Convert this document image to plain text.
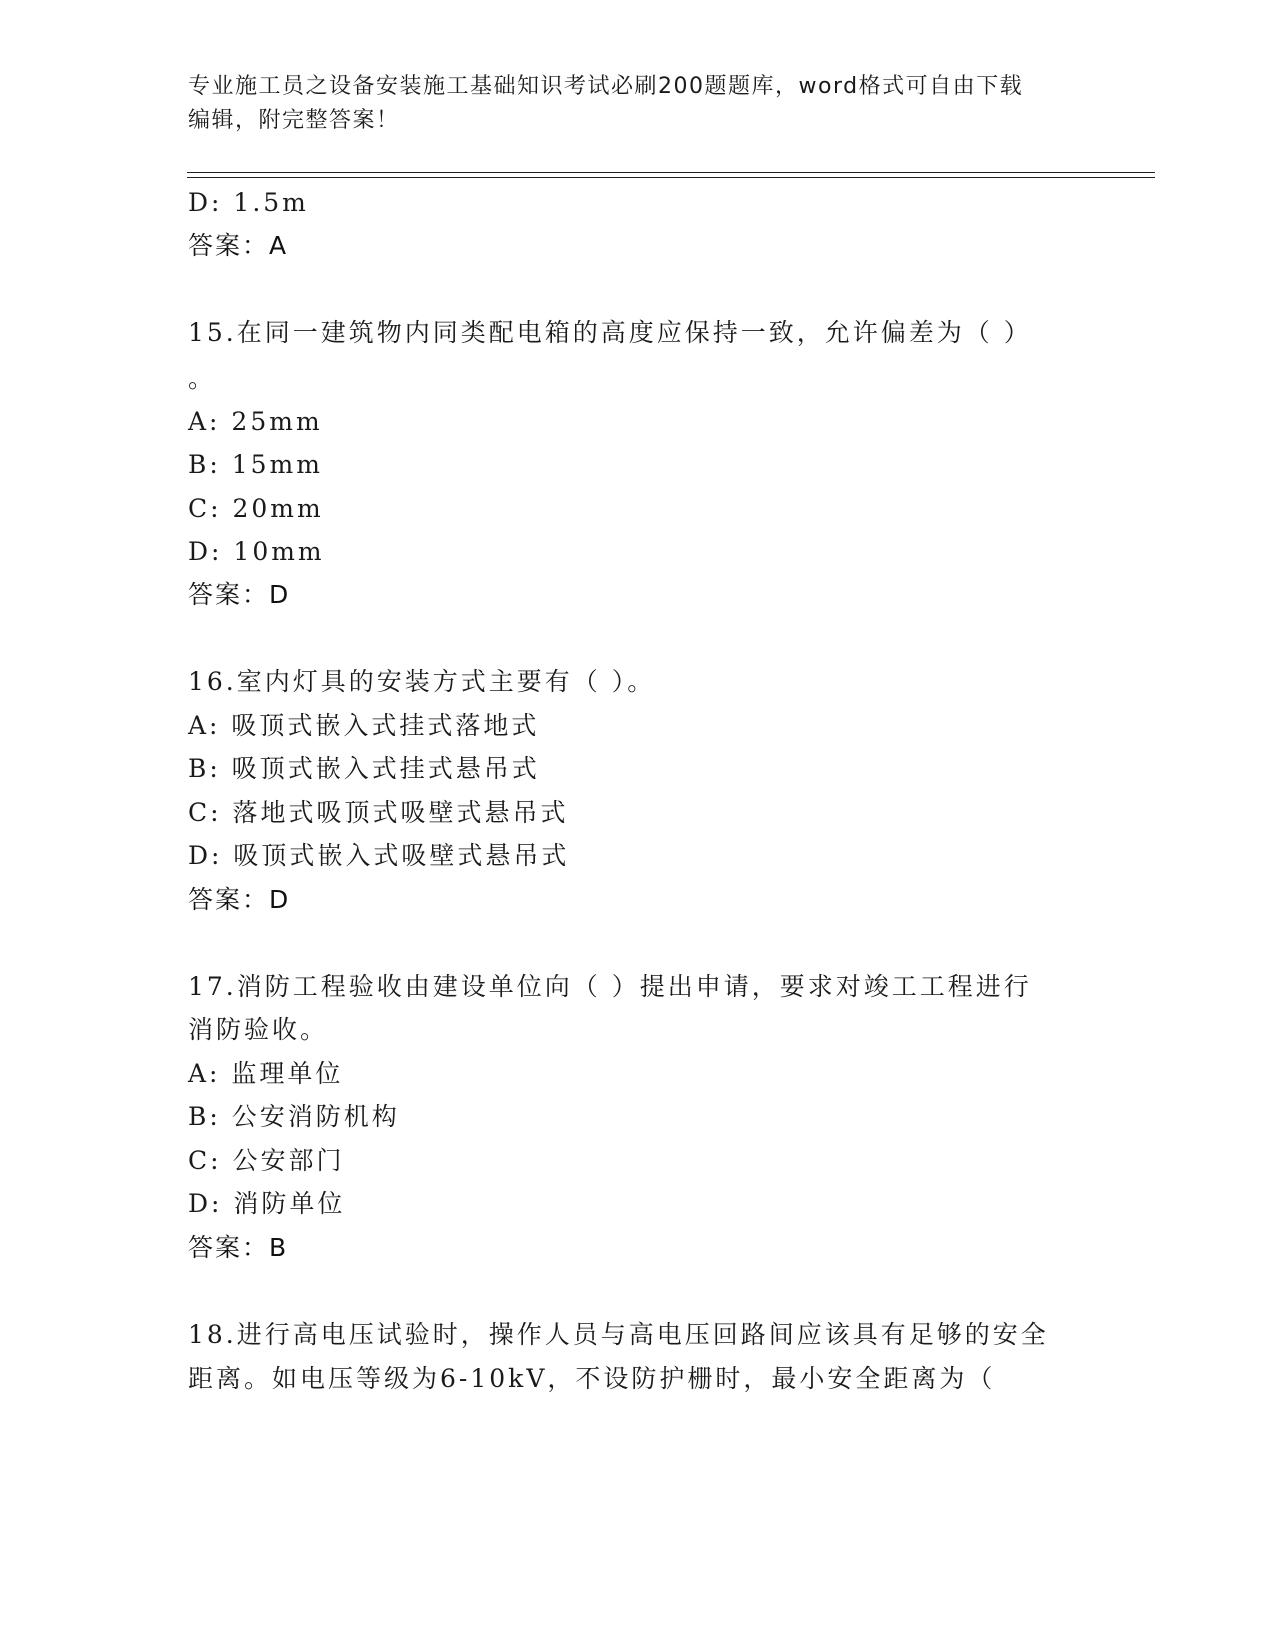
专业施工员之设备安装施工基础知识考试必刷200题题库，word格式可自由下载
编辑，附完整答案！
D: 1.5m
答案：A
15.在同一建筑物内同类配电箱的高度应保持一致，允许偏差为（ ）
。
A: 25mm
B: 15mm
C: 20mm
D: 10mm
答案：D
16.室内灯具的安装方式主要有（ ）。
A: 吸顶式嵌入式挂式落地式
B: 吸顶式嵌入式挂式悬吊式
C: 落地式吸顶式吸壁式悬吊式
D: 吸顶式嵌入式吸壁式悬吊式
答案：D
17.消防工程验收由建设单位向（ ）提出申请，要求对竣工工程进行
消防验收。
A: 监理单位
B: 公安消防机构
C: 公安部门
D: 消防单位
答案：B
18.进行高电压试验时，操作人员与高电压回路间应该具有足够的安全
距离。如电压等级为6-10kV，不设防护栅时，最小安全距离为（
